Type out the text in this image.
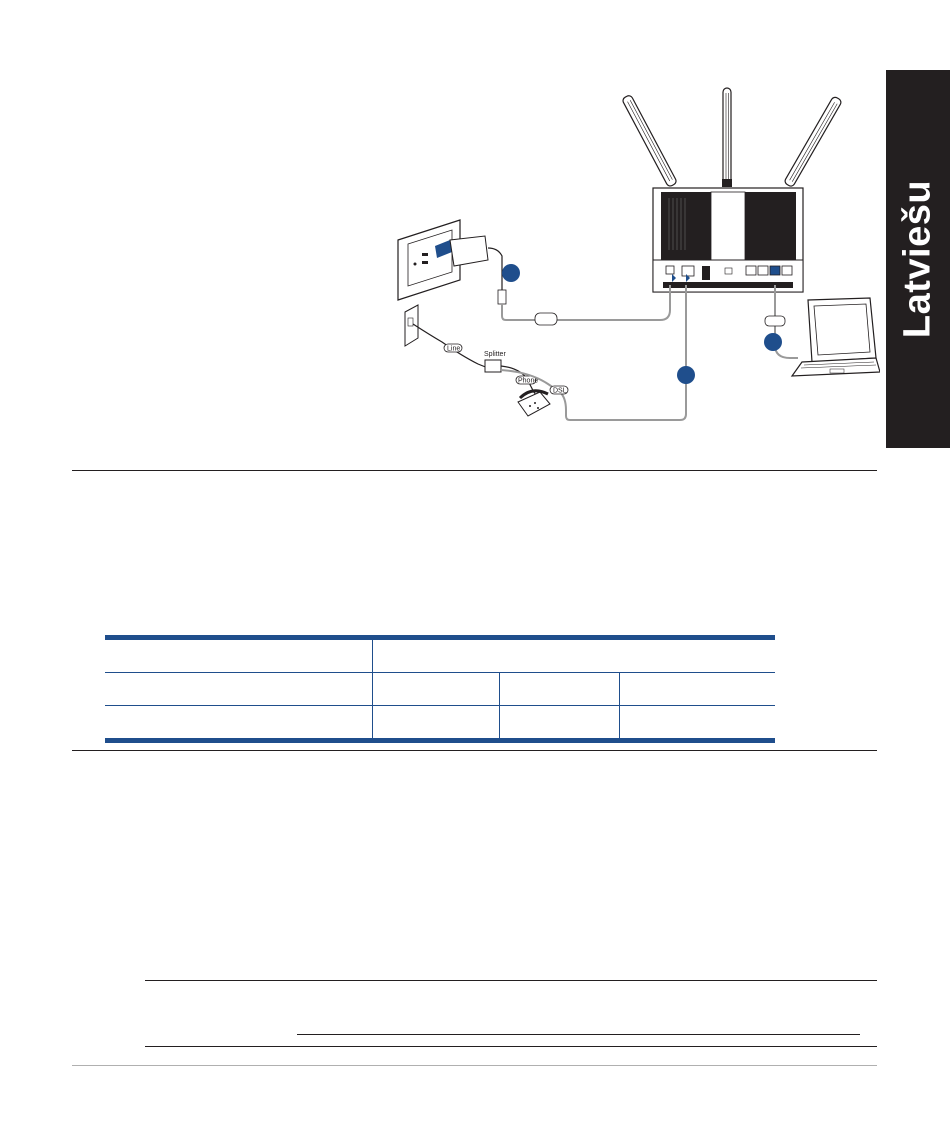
Latviešu
Line
Splitter
Phone
DSL
